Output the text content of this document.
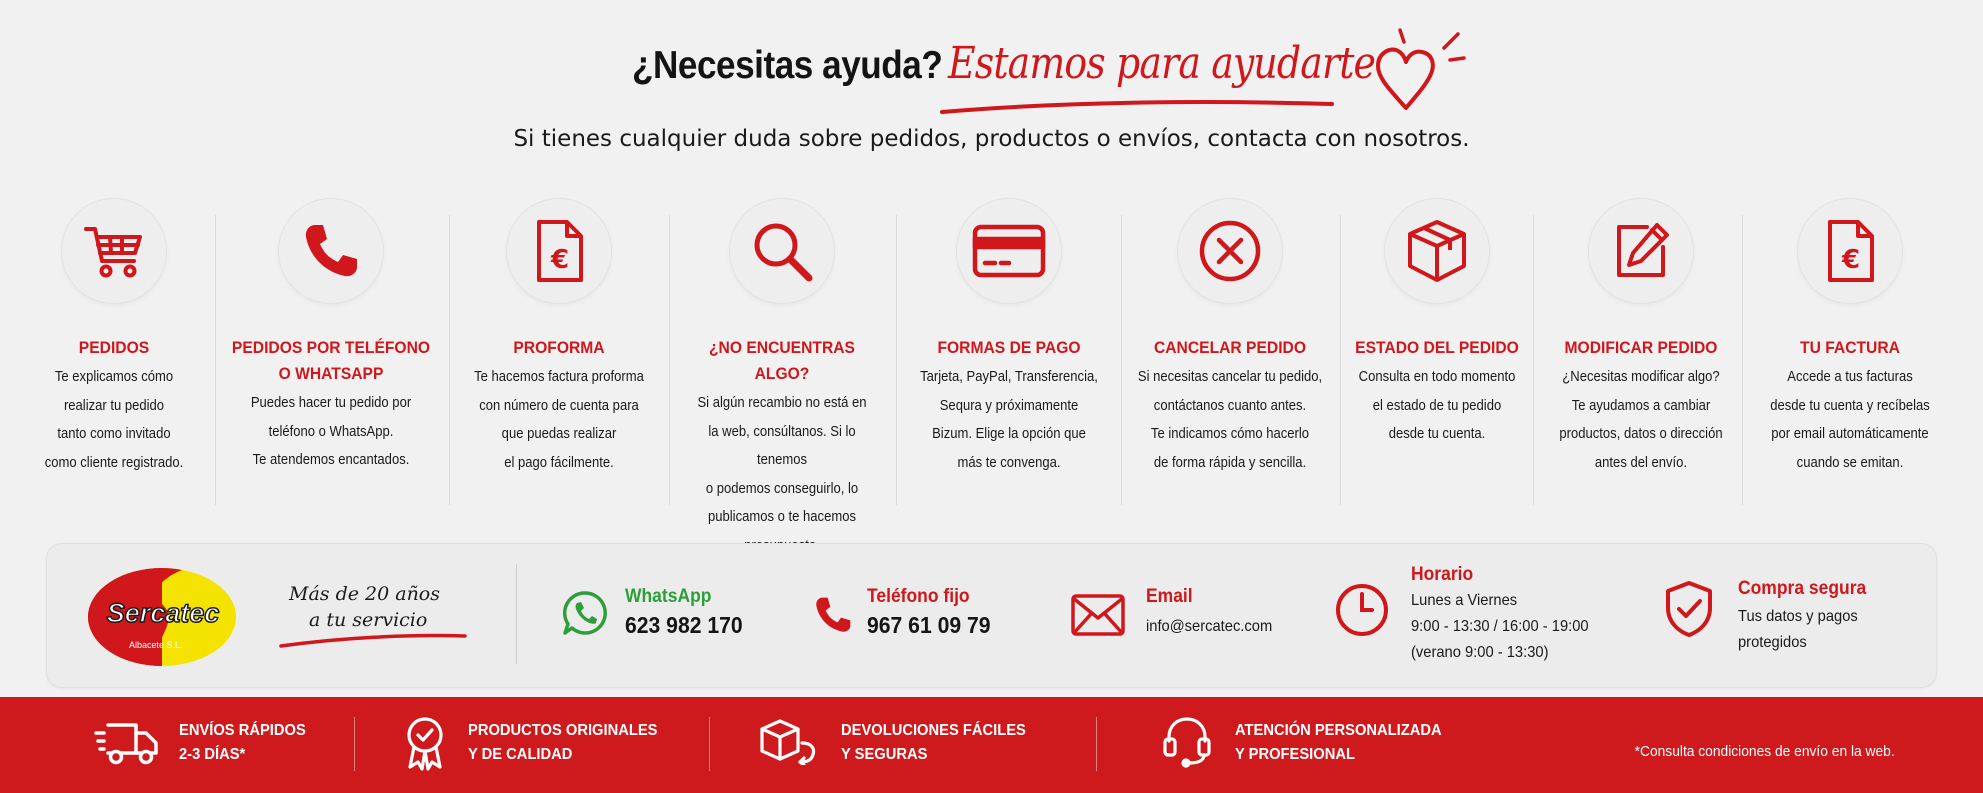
¿Necesitas ayuda? Estamos para ayudarte
Si tienes cualquier duda sobre pedidos, productos o envíos, contacta con nosotros.
PEDIDOS
Te explicamos cómo
realizar tu pedido
tanto como invitado
como cliente registrado.
PEDIDOS POR TELÉFONO
O WHATSAPP
Puedes hacer tu pedido por
teléfono o WhatsApp.
Te atendemos encantados.
€
PROFORMA
Te hacemos factura proforma
con número de cuenta para
que puedas realizar
el pago fácilmente.
¿NO ENCUENTRAS
ALGO?
Si algún recambio no está en
la web, consúltanos. Si lo tenemos
o podemos conseguirlo, lo
publicamos o te hacemos

FORMAS DE PAGO
Tarjeta, PayPal, Transferencia,
Sequra y próximamente
Bizum. Elige la opción que
más te convenga.
CANCELAR PEDIDO
Si necesitas cancelar tu pedido,
contáctanos cuanto antes.
Te indicamos cómo hacerlo
de forma rápida y sencilla.
ESTADO DEL PEDIDO
Consulta en todo momento
el estado de tu pedido
desde tu cuenta.
MODIFICAR PEDIDO
¿Necesitas modificar algo?
Te ayudamos a cambiar
productos, datos o dirección
antes del envío.
€
TU FACTURA
Accede a tus facturas
desde tu cuenta y recíbelas
por email automáticamente
cuando se emitan.
Sercatec
Albacete S.L.
Más de 20 años
a tu servicio
WhatsApp
623 982 170
Teléfono fijo
967 61 09 79
Email
info@sercatec.com
Horario
Lunes a Viernes
9:00 - 13:30 / 16:00 - 19:00
(verano 9:00 - 13:30)
Compra segura
Tus datos y pagos
protegidos
ENVÍOS RÁPIDOS
2-3 DÍAS*
PRODUCTOS ORIGINALES
Y DE CALIDAD
DEVOLUCIONES FÁCILES
Y SEGURAS
ATENCIÓN PERSONALIZADA
Y PROFESIONAL	*Consulta condiciones de envío en la web.
